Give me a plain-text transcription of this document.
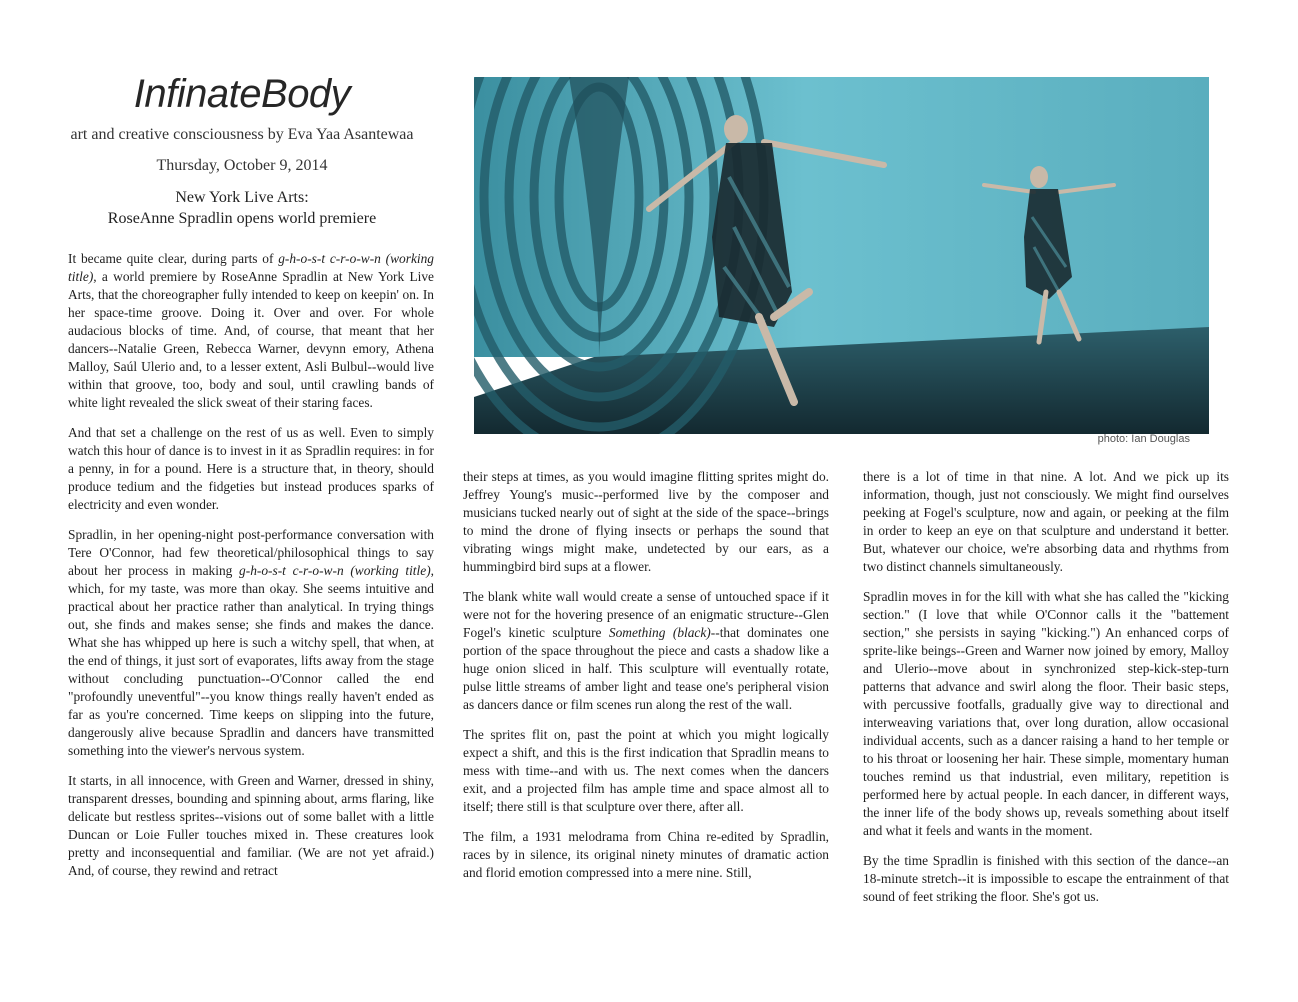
InfinateBody
art and creative consciousness by Eva Yaa Asantewaa
Thursday, October 9, 2014
New York Live Arts:
RoseAnne Spradlin opens world premiere

It became quite clear, during parts of g-h-o-s-t c-r-o-w-n (working title), a world premiere by RoseAnne Spradlin at New York Live Arts, that the choreographer fully intended to keep on keepin' on. In her space-time groove. Doing it. Over and over. For whole audacious blocks of time. And, of course, that meant that her dancers--Natalie Green, Rebecca Warner, devynn emory, Athena Malloy, Saúl Ulerio and, to a lesser extent, Asli Bulbul--would live within that groove, too, body and soul, until crawling bands of white light revealed the slick sweat of their staring faces.

And that set a challenge on the rest of us as well. Even to simply watch this hour of dance is to invest in it as Spradlin requires: in for a penny, in for a pound. Here is a structure that, in theory, should produce tedium and the fidgeties but instead produces sparks of electricity and even wonder.

Spradlin, in her opening-night post-performance conversation with Tere O'Connor, had few theoretical/philosophical things to say about her process in making g-h-o-s-t c-r-o-w-n (working title), which, for my taste, was more than okay. She seems intuitive and practical about her practice rather than analytical. In trying things out, she finds and makes sense; she finds and makes the dance. What she has whipped up here is such a witchy spell, that when, at the end of things, it just sort of evaporates, lifts away from the stage without concluding punctuation--O'Connor called the end "profoundly uneventful"--you know things really haven't ended as far as you're concerned. Time keeps on slipping into the future, dangerously alive because Spradlin and dancers have transmitted something into the viewer's nervous system.

It starts, in all innocence, with Green and Warner, dressed in shiny, transparent dresses, bounding and spinning about, arms flaring, like delicate but restless sprites--visions out of some ballet with a little Duncan or Loie Fuller touches mixed in. These creatures look pretty and inconsequential and familiar. (We are not yet afraid.) And, of course, they rewind and retract

photo: Ian Douglas

their steps at times, as you would imagine flitting sprites might do. Jeffrey Young's music--performed live by the composer and musicians tucked nearly out of sight at the side of the space--brings to mind the drone of flying insects or perhaps the sound that vibrating wings might make, undetected by our ears, as a hummingbird bird sups at a flower.

The blank white wall would create a sense of untouched space if it were not for the hovering presence of an enigmatic structure--Glen Fogel's kinetic sculpture Something (black)--that dominates one portion of the space throughout the piece and casts a shadow like a huge onion sliced in half. This sculpture will eventually rotate, pulse little streams of amber light and tease one's peripheral vision as dancers dance or film scenes run along the rest of the wall.

The sprites flit on, past the point at which you might logically expect a shift, and this is the first indication that Spradlin means to mess with time--and with us. The next comes when the dancers exit, and a projected film has ample time and space almost all to itself; there still is that sculpture over there, after all.

The film, a 1931 melodrama from China re-edited by Spradlin, races by in silence, its original ninety minutes of dramatic action and florid emotion compressed into a mere nine. Still,

there is a lot of time in that nine. A lot. And we pick up its information, though, just not consciously. We might find ourselves peeking at Fogel's sculpture, now and again, or peeking at the film in order to keep an eye on that sculpture and understand it better. But, whatever our choice, we're absorbing data and rhythms from two distinct channels simultaneously.

Spradlin moves in for the kill with what she has called the "kicking section." (I love that while O'Connor calls it the "battement section," she persists in saying "kicking.") An enhanced corps of sprite-like beings--Green and Warner now joined by emory, Malloy and Ulerio--move about in synchronized step-kick-step-turn patterns that advance and swirl along the floor. Their basic steps, with percussive footfalls, gradually give way to directional and interweaving variations that, over long duration, allow occasional individual accents, such as a dancer raising a hand to her temple or to his throat or loosening her hair. These simple, momentary human touches remind us that industrial, even military, repetition is performed here by actual people. In each dancer, in different ways, the inner life of the body shows up, reveals something about itself and what it feels and wants in the moment.

By the time Spradlin is finished with this section of the dance--an 18-minute stretch--it is impossible to escape the entrainment of that sound of feet striking the floor. She's got us.
